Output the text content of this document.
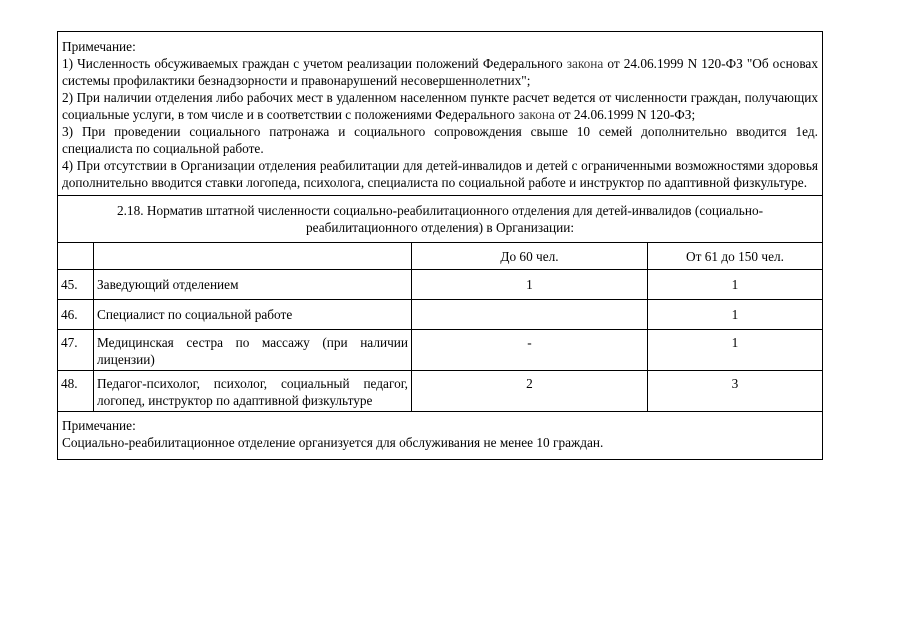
Примечание:

1) Численность обсуживаемых граждан с учетом реализации положений Федерального закона от 24.06.1999 N 120-ФЗ "Об основах системы профилактики безнадзорности и правонарушений несовершеннолетних";

2) При наличии отделения либо рабочих мест в удаленном населенном пункте расчет ведется от численности граждан, получающих социальные услуги, в том числе и в соответствии с положениями Федерального закона от 24.06.1999 N 120-ФЗ;

3) При проведении социального патронажа и социального сопровождения свыше 10 семей дополнительно вводится 1ед. специалиста по социальной работе.

4) При отсутствии в Организации отделения реабилитации для детей-инвалидов и детей с ограниченными возможностями здоровья дополнительно вводится ставки логопеда, психолога, специалиста по социальной работе и инструктор по адаптивной физкультуре.			

2.18. Норматив штатной численности социально-реабилитационного отделения для детей-инвалидов (социально-реабилитационного отделения) в Организации:			
		До 60 чел.	От 61 до 150 чел.
45.	Заведующий отделением	1	1
46.	Специалист по социальной работе		1
47.	Медицинская сестра по массажу (при наличии лицензии)	-	1
48.	Педагог-психолог, психолог, социальный педагог, логопед, инструктор по адаптивной физкультуре	2	3

Примечание:
Социально-реабилитационное отделение организуется для обслуживания не менее 10 граждан.			
